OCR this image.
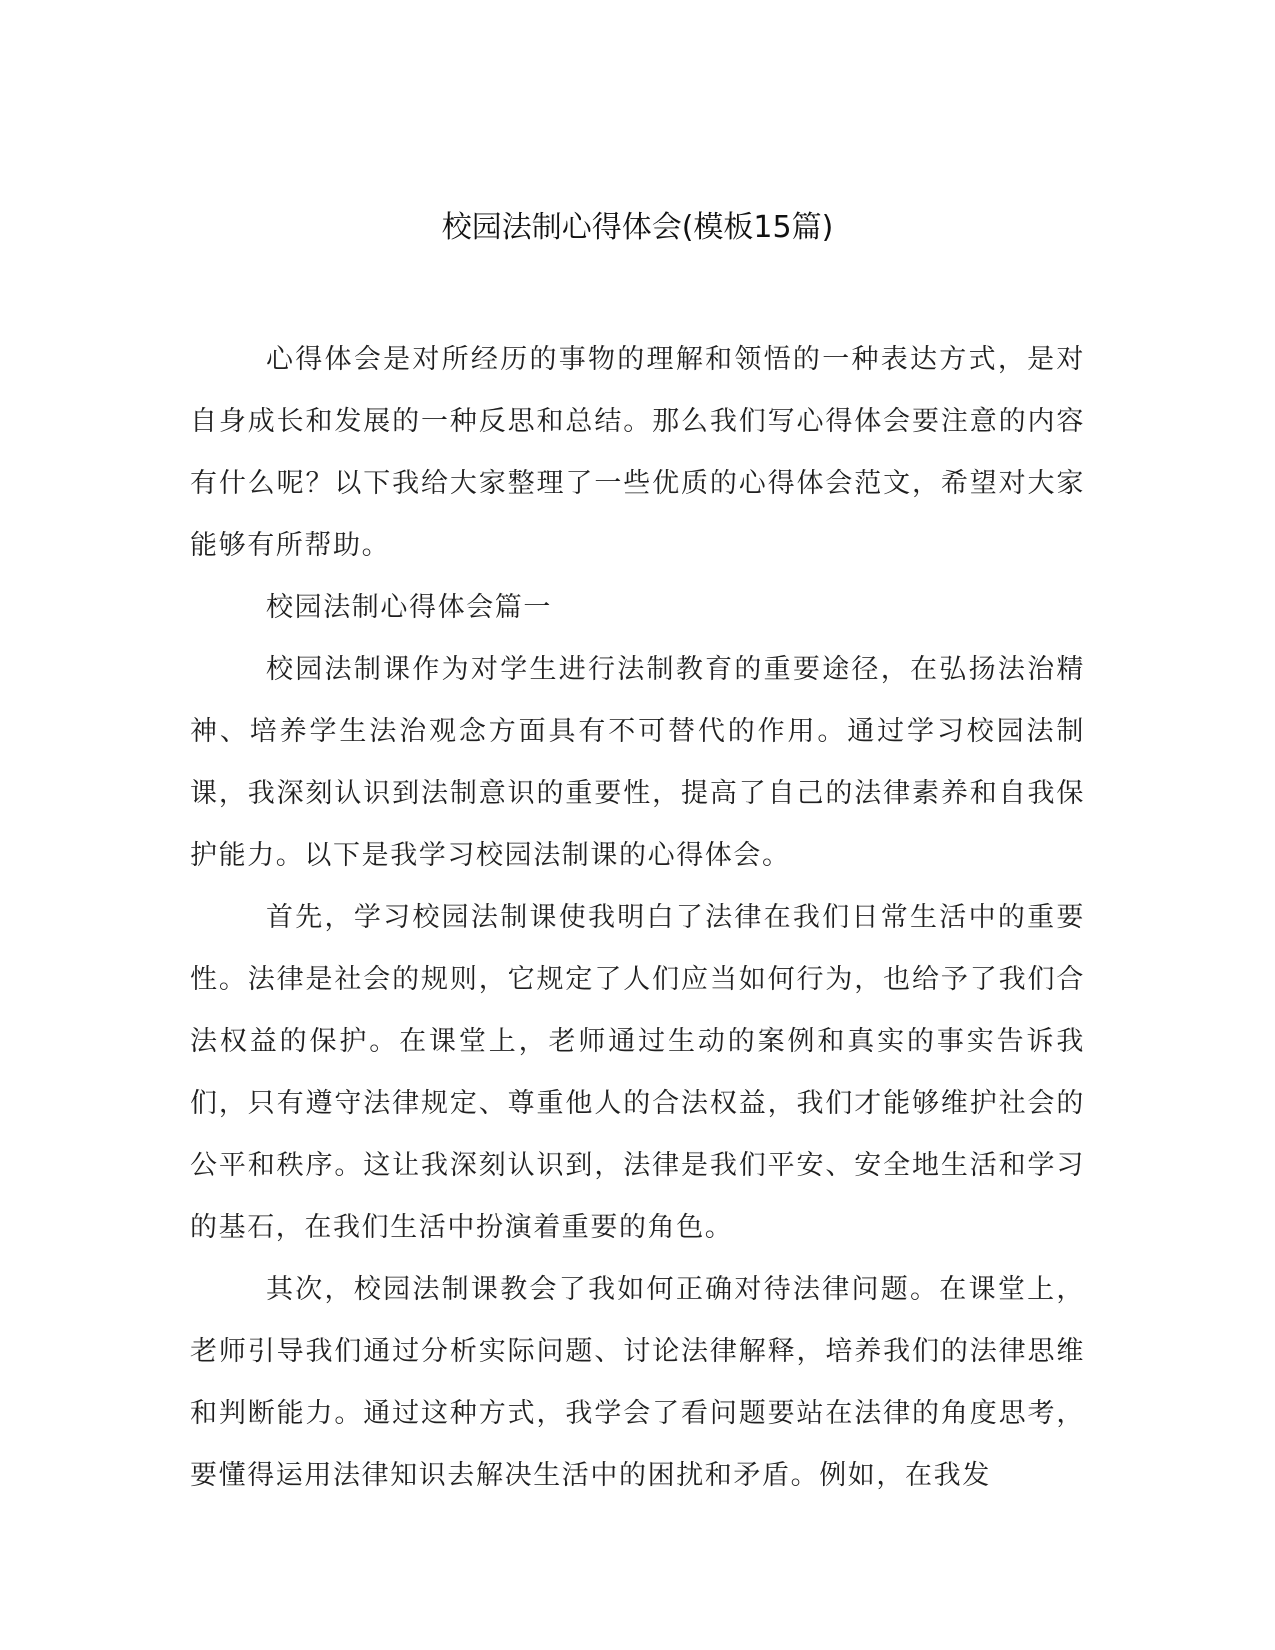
校园法制心得体会(模板15篇)

心得体会是对所经历的事物的理解和领悟的一种表达方式，是对自身成长和发展的一种反思和总结。那么我们写心得体会要注意的内容有什么呢？以下我给大家整理了一些优质的心得体会范文，希望对大家能够有所帮助。

校园法制心得体会篇一

校园法制课作为对学生进行法制教育的重要途径，在弘扬法治精神、培养学生法治观念方面具有不可替代的作用。通过学习校园法制课，我深刻认识到法制意识的重要性，提高了自己的法律素养和自我保护能力。以下是我学习校园法制课的心得体会。

首先，学习校园法制课使我明白了法律在我们日常生活中的重要性。法律是社会的规则，它规定了人们应当如何行为，也给予了我们合法权益的保护。在课堂上，老师通过生动的案例和真实的事实告诉我们，只有遵守法律规定、尊重他人的合法权益，我们才能够维护社会的公平和秩序。这让我深刻认识到，法律是我们平安、安全地生活和学习的基石，在我们生活中扮演着重要的角色。

其次，校园法制课教会了我如何正确对待法律问题。在课堂上，老师引导我们通过分析实际问题、讨论法律解释，培养我们的法律思维和判断能力。通过这种方式，我学会了看问题要站在法律的角度思考，要懂得运用法律知识去解决生活中的困扰和矛盾。例如，在我发
